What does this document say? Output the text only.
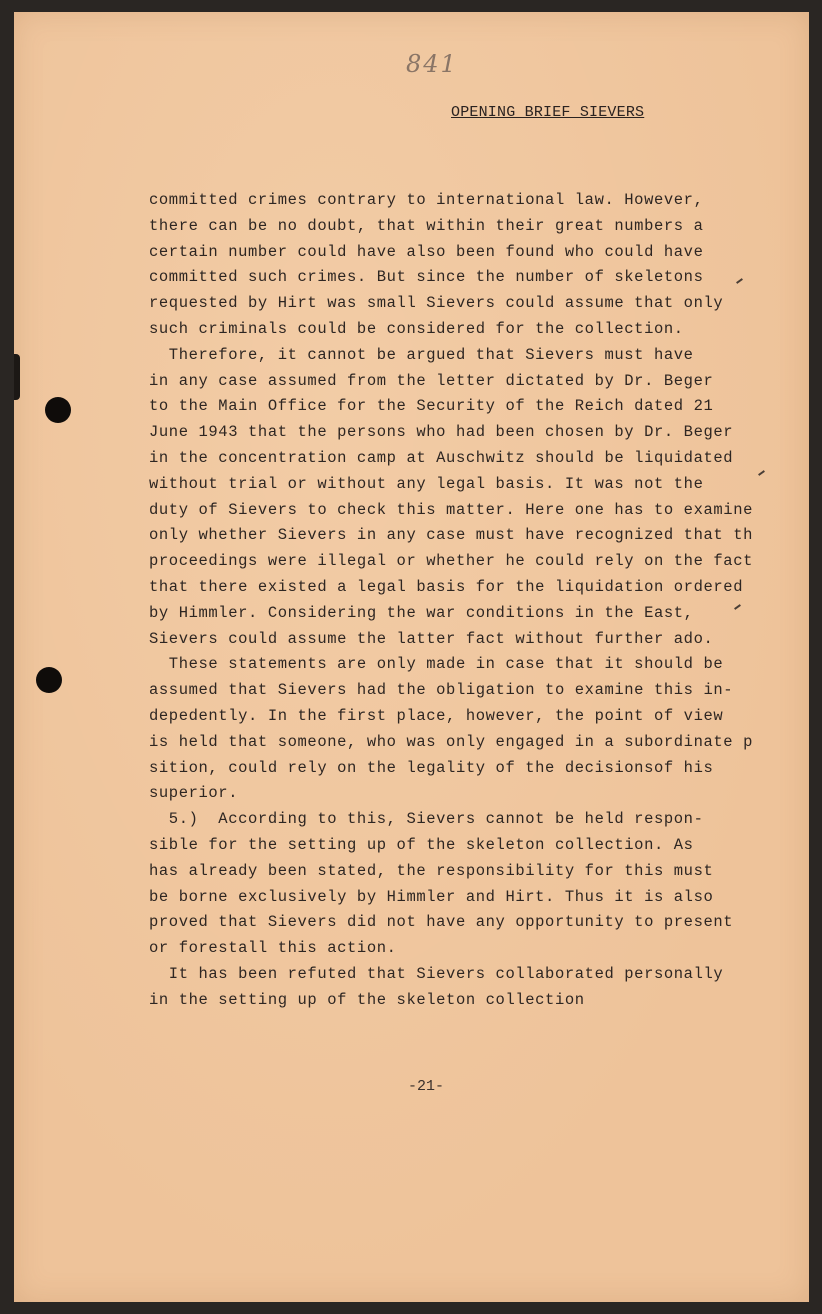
841
OPENING BRIEF SIEVERS
committed crimes contrary to international law. However,
there can be no doubt, that within their great numbers a
certain number could have also been found who could have
committed such crimes. But since the number of skeletons
requested by Hirt was small Sievers could assume that only
such criminals could be considered for the collection.
Therefore, it cannot be argued that Sievers must have
in any case assumed from the letter dictated by Dr. Beger
to the Main Office for the Security of the Reich dated 21
June 1943 that the persons who had been chosen by Dr. Beger
in the concentration camp at Auschwitz should be liquidated
without trial or without any legal basis. It was not the
duty of Sievers to check this matter. Here one has to examine
only whether Sievers in any case must have recognized that th
proceedings were illegal or whether he could rely on the fact
that there existed a legal basis for the liquidation ordered
by Himmler. Considering the war conditions in the East,
Sievers could assume the latter fact without further ado.
These statements are only made in case that it should be
assumed that Sievers had the obligation to examine this in-
depedently. In the first place, however, the point of view
is held that someone, who was only engaged in a subordinate p
sition, could rely on the legality of the decisionsof his
superior.
5.)  According to this, Sievers cannot be held respon-
sible for the setting up of the skeleton collection. As
has already been stated, the responsibility for this must
be borne exclusively by Himmler and Hirt. Thus it is also
proved that Sievers did not have any opportunity to present
or forestall this action.
It has been refuted that Sievers collaborated personally
in the setting up of the skeleton collection
-21-
